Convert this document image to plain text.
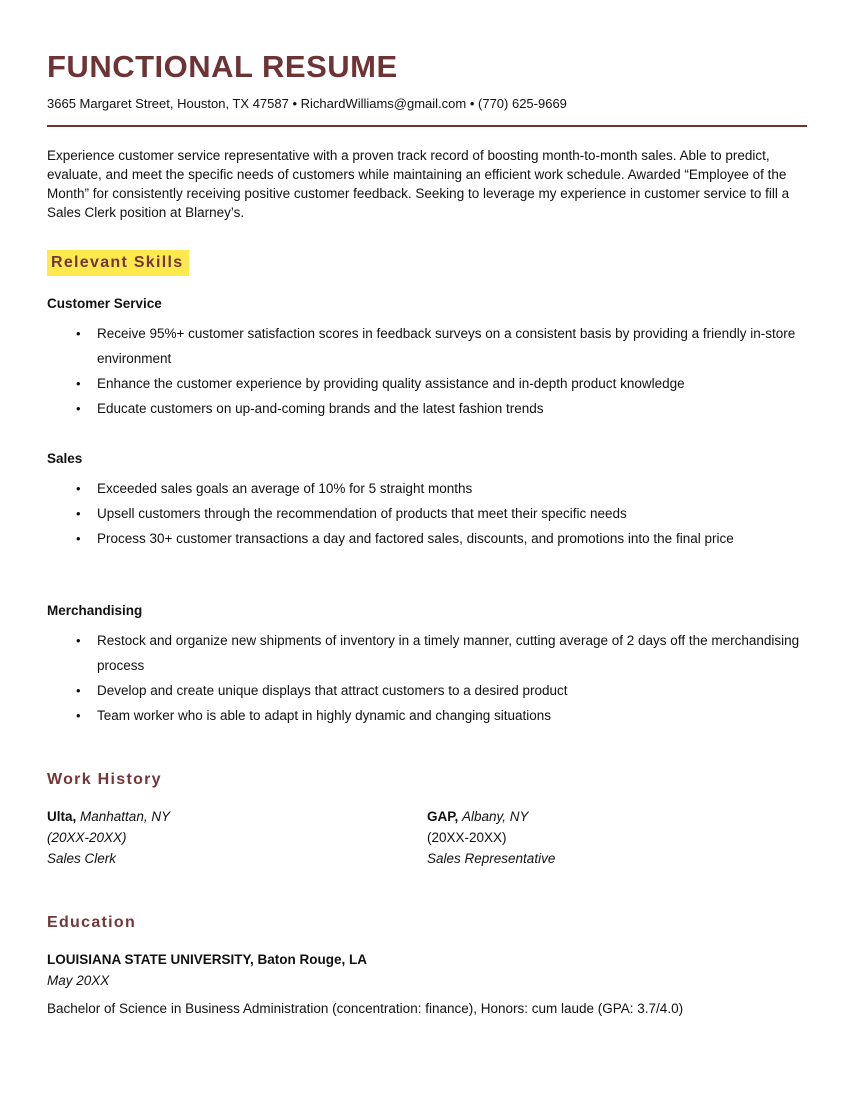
FUNCTIONAL RESUME
3665 Margaret Street, Houston, TX 47587 • RichardWilliams@gmail.com • (770) 625-9669

Experience customer service representative with a proven track record of boosting month-to-month sales. Able to predict, evaluate, and meet the specific needs of customers while maintaining an efficient work schedule. Awarded “Employee of the Month” for consistently receiving positive customer feedback. Seeking to leverage my experience in customer service to fill a Sales Clerk position at Blarney’s.

Relevant Skills
Customer Service
• Receive 95%+ customer satisfaction scores in feedback surveys on a consistent basis by providing a friendly in-store environment
• Enhance the customer experience by providing quality assistance and in-depth product knowledge
• Educate customers on up-and-coming brands and the latest fashion trends
Sales
• Exceeded sales goals an average of 10% for 5 straight months
• Upsell customers through the recommendation of products that meet their specific needs
• Process 30+ customer transactions a day and factored sales, discounts, and promotions into the final price
Merchandising
• Restock and organize new shipments of inventory in a timely manner, cutting average of 2 days off the merchandising process
• Develop and create unique displays that attract customers to a desired product
• Team worker who is able to adapt in highly dynamic and changing situations
Work History
Ulta, Manhattan, NY
(20XX-20XX)
Sales Clerk
GAP, Albany, NY
(20XX-20XX)
Sales Representative
Education
LOUISIANA STATE UNIVERSITY, Baton Rouge, LA
May 20XX
Bachelor of Science in Business Administration (concentration: finance), Honors: cum laude (GPA: 3.7/4.0)
